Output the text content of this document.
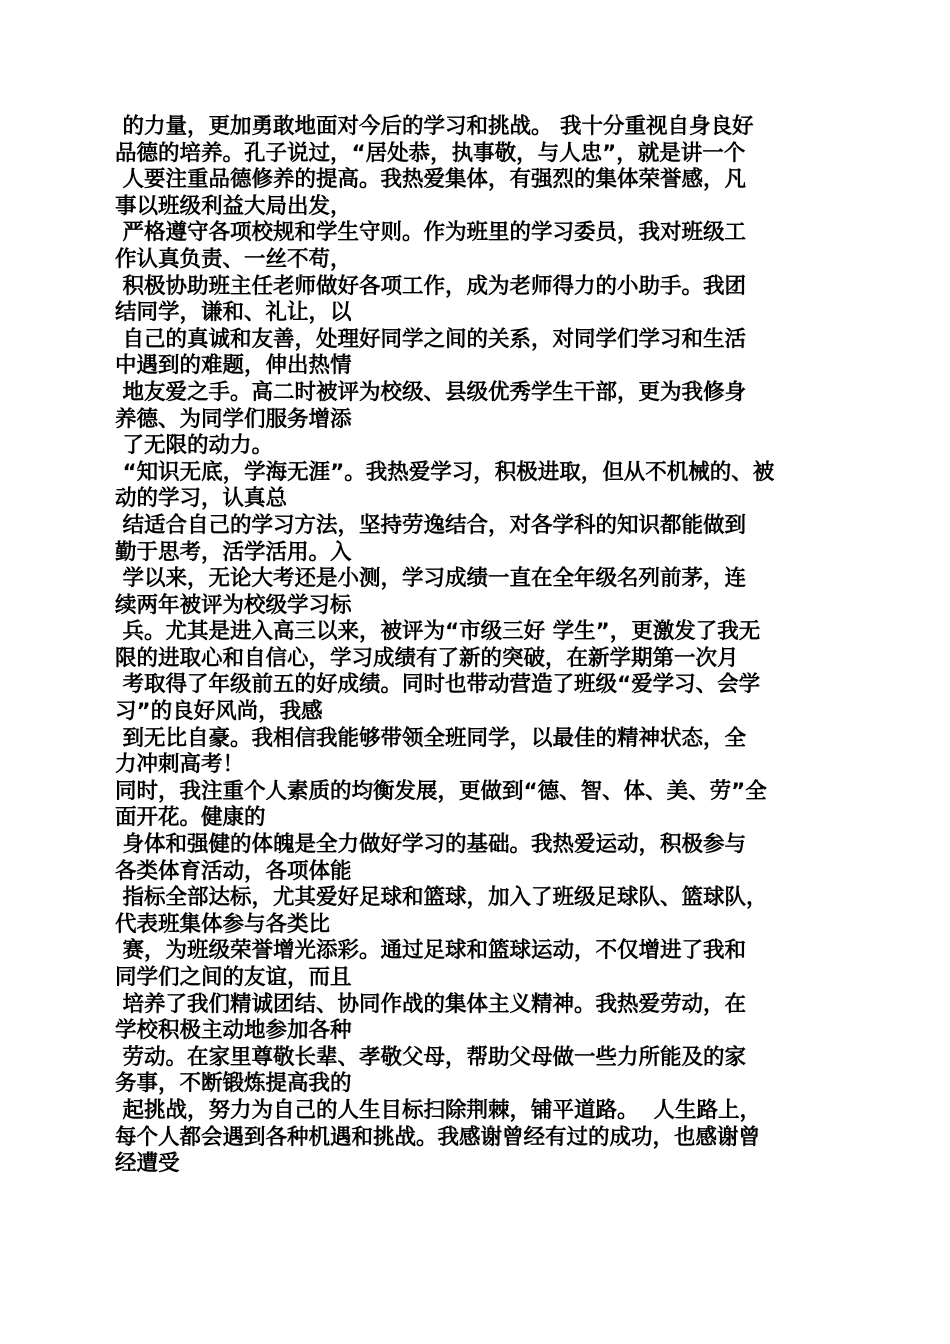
的力量，更加勇敢地面对今后的学习和挑战。 我十分重视自身良好
品德的培养。孔子说过，“居处恭，执事敬，与人忠”，就是讲一个
人要注重品德修养的提高。我热爱集体，有强烈的集体荣誉感，凡
事以班级利益大局出发，
严格遵守各项校规和学生守则。作为班里的学习委员，我对班级工
作认真负责、一丝不苟，
积极协助班主任老师做好各项工作，成为老师得力的小助手。我团
结同学，谦和、礼让，以
自己的真诚和友善，处理好同学之间的关系，对同学们学习和生活
中遇到的难题，伸出热情
地友爱之手。高二时被评为校级、县级优秀学生干部，更为我修身
养德、为同学们服务增添
了无限的动力。
“知识无底，学海无涯”。我热爱学习，积极进取，但从不机械的、被
动的学习，认真总
结适合自己的学习方法，坚持劳逸结合，对各学科的知识都能做到
勤于思考，活学活用。入
学以来，无论大考还是小测，学习成绩一直在全年级名列前茅，连
续两年被评为校级学习标
兵。尤其是进入高三以来，被评为“市级三好 学生”，更激发了我无
限的进取心和自信心，学习成绩有了新的突破，在新学期第一次月
考取得了年级前五的好成绩。同时也带动营造了班级“爱学习、会学
习”的良好风尚，我感
到无比自豪。我相信我能够带领全班同学，以最佳的精神状态，全
力冲刺高考！
同时，我注重个人素质的均衡发展，更做到“德、智、体、美、劳”全
面开花。健康的
身体和强健的体魄是全力做好学习的基础。我热爱运动，积极参与
各类体育活动，各项体能
指标全部达标，尤其爱好足球和篮球，加入了班级足球队、篮球队，
代表班集体参与各类比
赛，为班级荣誉增光添彩。通过足球和篮球运动，不仅增进了我和
同学们之间的友谊，而且
培养了我们精诚团结、协同作战的集体主义精神。我热爱劳动，在
学校积极主动地参加各种
劳动。在家里尊敬长辈、孝敬父母，帮助父母做一些力所能及的家
务事，不断锻炼提高我的
起挑战，努力为自己的人生目标扫除荆棘，铺平道路。  人生路上，
每个人都会遇到各种机遇和挑战。我感谢曾经有过的成功，也感谢曾
经遭受
